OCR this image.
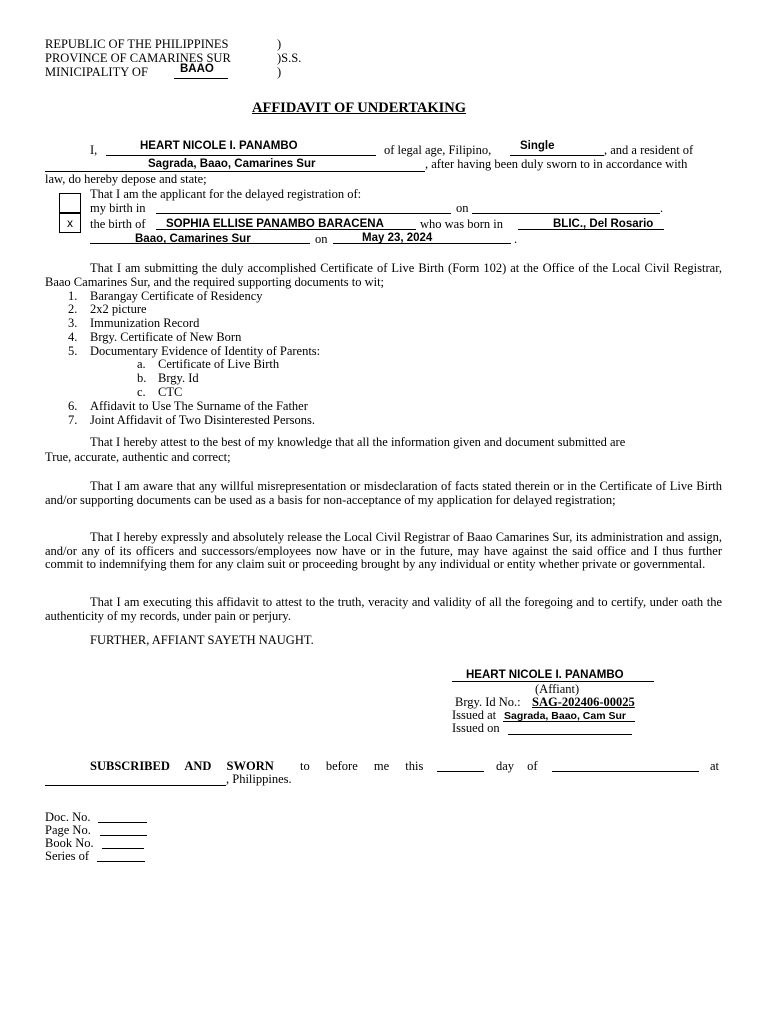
REPUBLIC OF THE PHILIPPINES	)
PROVINCE OF CAMARINES SUR	)S.S.
MINICIPALITY OF	BAAO	)
AFFIDAVIT OF UNDERTAKING
I,	HEART NICOLE I. PANAMBO	of legal age, Filipino, Single	, and a resident of
Sagrada, Baao, Camarines Sur	, after having been duly sworn to in accordance with
law, do hereby depose and state;
That I am the applicant for the delayed registration of:
x
my birth in	on	.
the birth of SOPHIA ELLISE PANAMBO BARACENA	who was born in	BLIC., Del Rosario
Baao, Camarines Sur	on	May 23, 2024	.
That I am submitting the duly accomplished Certificate of Live Birth (Form 102) at the Office of the Local Civil Registrar, Baao Camarines Sur, and the required supporting documents to wit;
1. Barangay Certificate of Residency
2. 2x2 picture
3. Immunization Record
4. Brgy. Certificate of New Born
5. Documentary Evidence of Identity of Parents:
a. Certificate of Live Birth
b. Brgy. Id
c. CTC
6. Affidavit to Use The Surname of the Father
7. Joint Affidavit of Two Disinterested Persons.
That I hereby attest to the best of my knowledge that all the information given and document submitted are
True, accurate, authentic and correct;
That I am aware that any willful misrepresentation or misdeclaration of facts stated therein or in the Certificate of Live Birth and/or supporting documents can be used as a basis for non-acceptance of my application for delayed registration;
That I hereby expressly and absolutely release the Local Civil Registrar of Baao Camarines Sur, its administration and assign, and/or any of its officers and successors/employees now have or in the future, may have against the said office and I thus further commit to indemnifying them for any claim suit or proceeding brought by any individual or entity whether private or governmental.
That I am executing this affidavit to attest to the truth, veracity and validity of all the foregoing and to certify, under oath the authenticity of my records, under pain or perjury.
FURTHER, AFFIANT SAYETH NAUGHT.
HEART NICOLE I. PANAMBO
(Affiant)
Brgy. Id No.: SAG-202406-00025
Issued at Sagrada, Baao, Cam Sur
Issued on
SUBSCRIBED AND SWORN to before me this	day of	at
, Philippines.
Doc. No.
Page No.
Book No.
Series of
